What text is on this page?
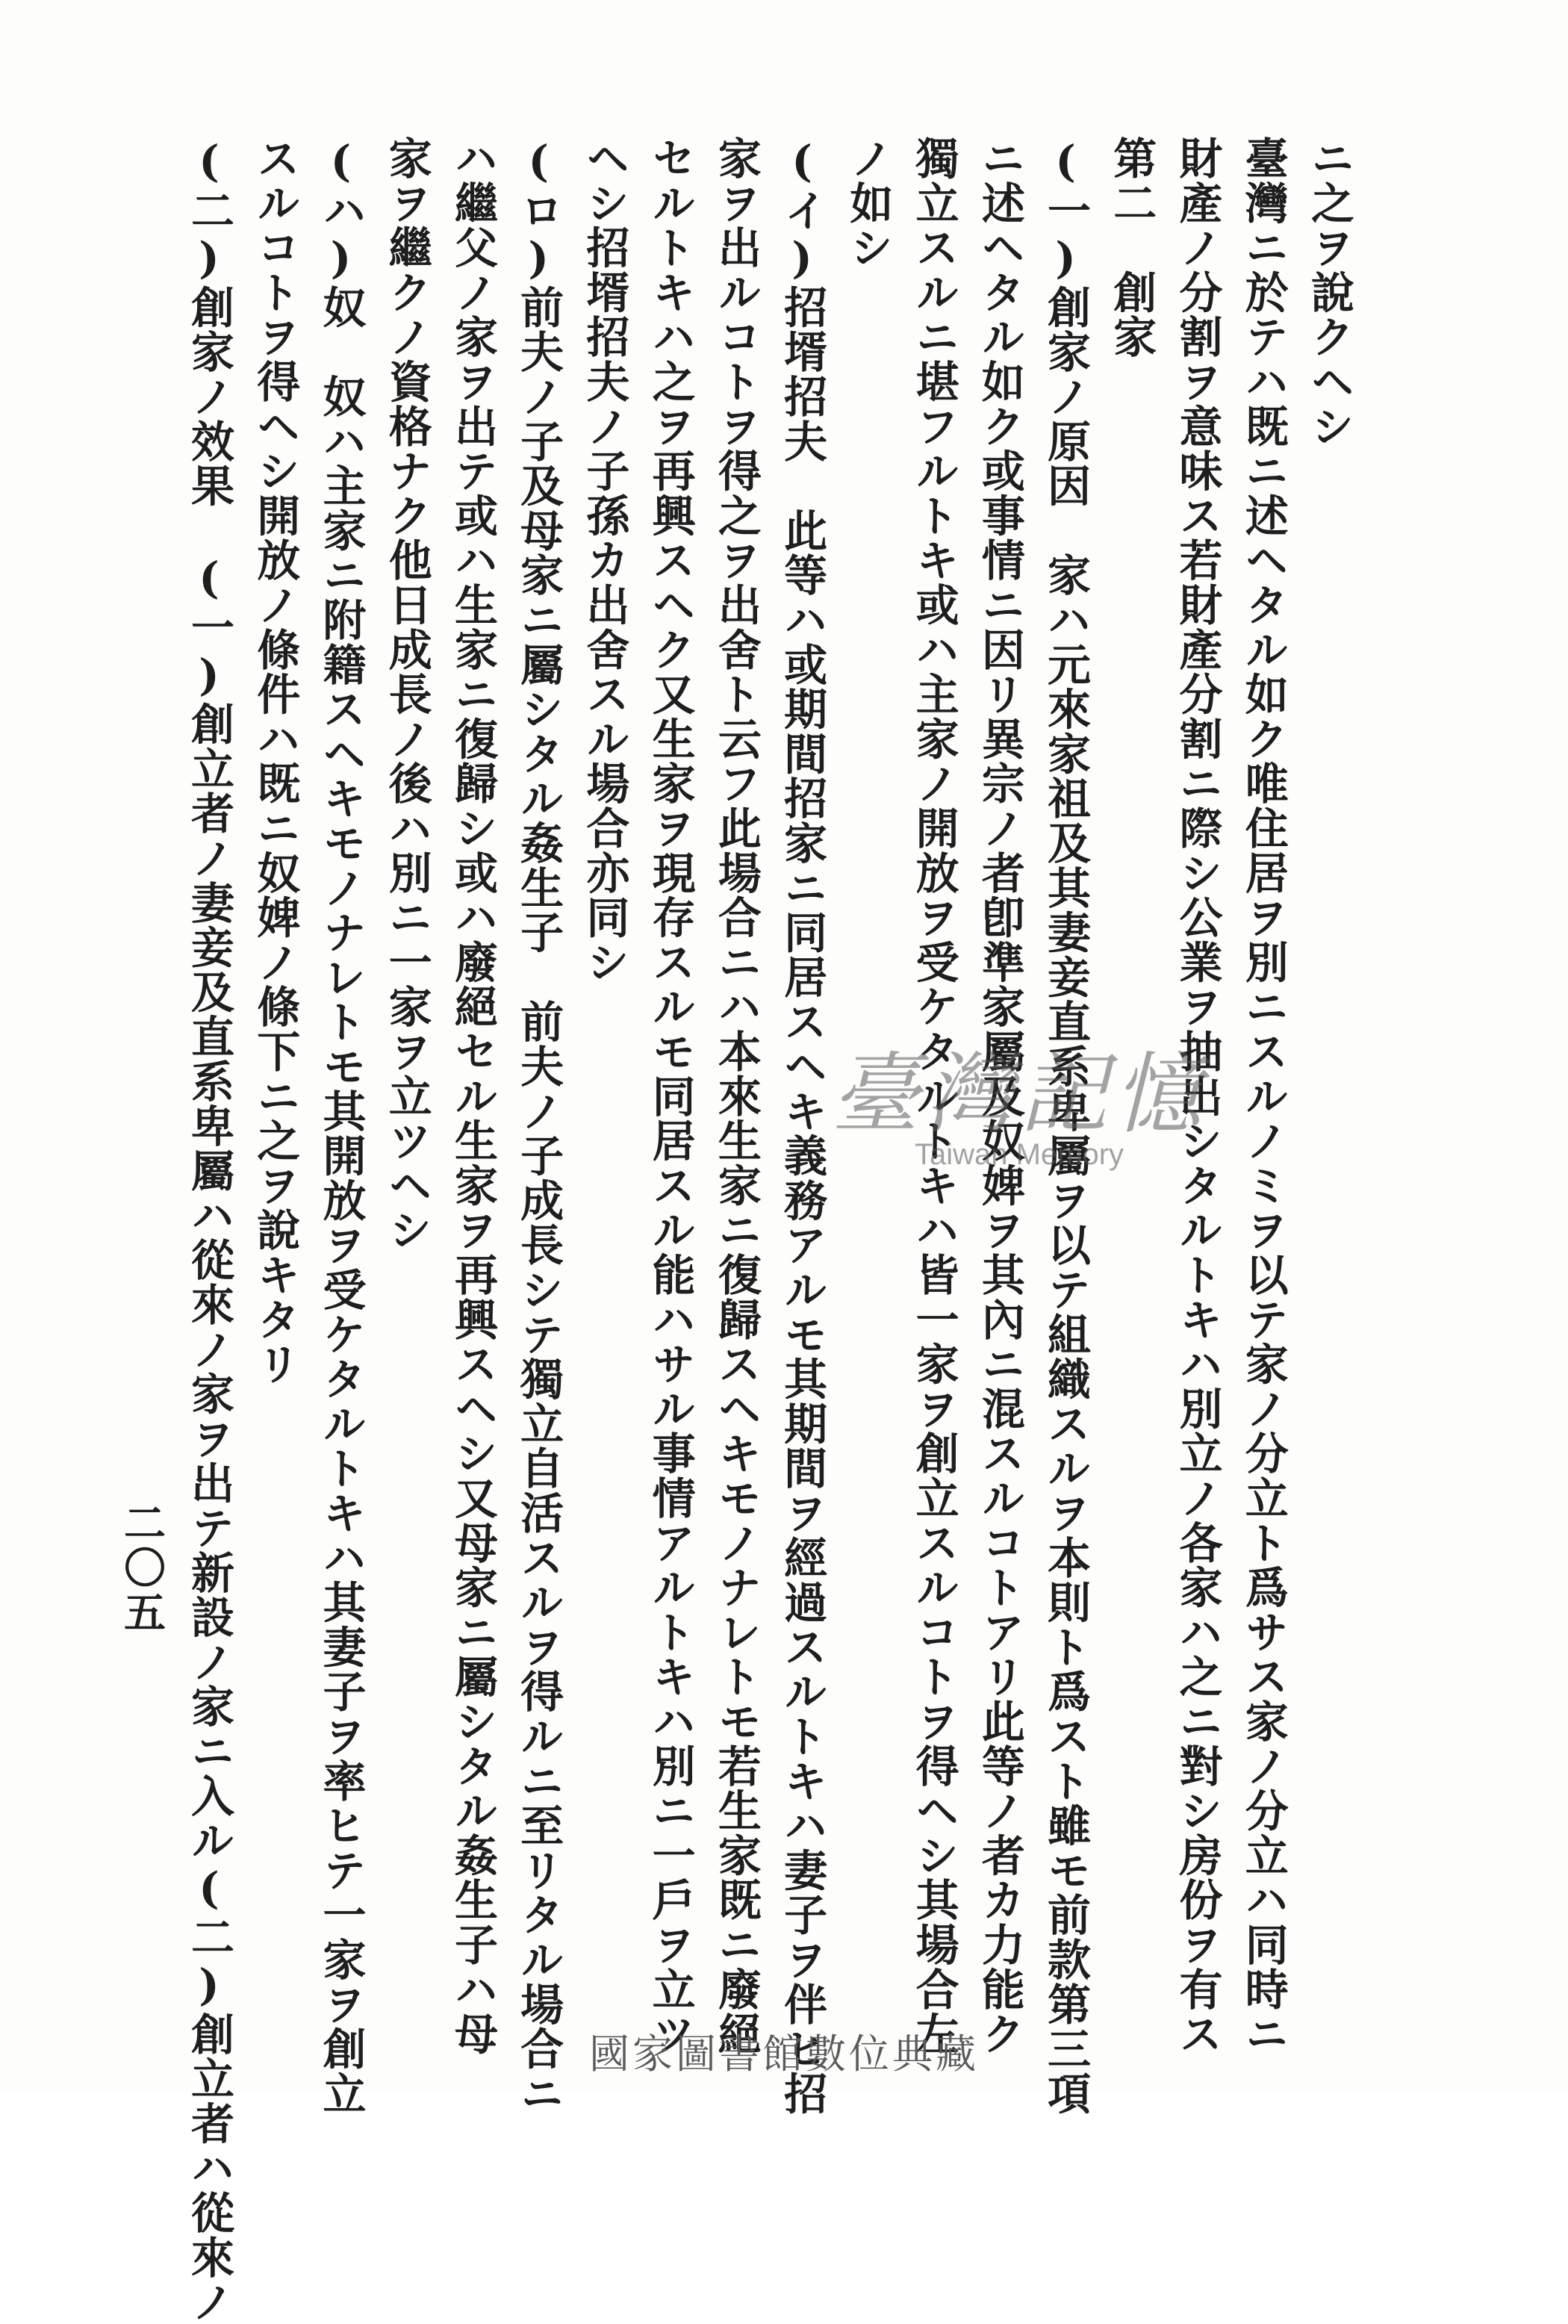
ニ之ヲ說クヘシ
臺灣ニ於テハ既ニ述ヘタル如ク唯住居ヲ別ニスルノミヲ以テ家ノ分立ト爲サス家ノ分立ハ同時ニ
財產ノ分割ヲ意味ス若財產分割ニ際シ公業ヲ抽出シタルトキハ別立ノ各家ハ之ニ對シ房份ヲ有ス
第二　創家
(一)創家ノ原因　家ハ元來家祖及其妻妾直系卑屬ヲ以テ組織スルヲ本則ト爲スト雖モ前款第三項
ニ述ヘタル如ク或事情ニ因リ異宗ノ者卽準家屬及奴婢ヲ其內ニ混スルコトアリ此等ノ者カ力能ク
獨立スルニ堪フルトキ或ハ主家ノ開放ヲ受ケタルトキハ皆一家ヲ創立スルコトヲ得ヘシ其場合左
ノ如シ
(イ)招壻招夫　此等ハ或期間招家ニ同居スヘキ義務アルモ其期間ヲ經過スルトキハ妻子ヲ伴ヒ招
家ヲ出ルコトヲ得之ヲ出舍ト云フ此場合ニハ本來生家ニ復歸スヘキモノナレトモ若生家既ニ廢絕
セルトキハ之ヲ再興スヘク又生家ヲ現存スルモ同居スル能ハサル事情アルトキハ別ニ一戶ヲ立ツ
ヘシ招壻招夫ノ子孫カ出舍スル場合亦同シ
(ロ)前夫ノ子及母家ニ屬シタル姦生子　前夫ノ子成長シテ獨立自活スルヲ得ルニ至リタル場合ニ
ハ繼父ノ家ヲ出テ或ハ生家ニ復歸シ或ハ廢絕セル生家ヲ再興スヘシ又母家ニ屬シタル姦生子ハ母
家ヲ繼クノ資格ナク他日成長ノ後ハ別ニ一家ヲ立ツヘシ
(ハ)奴　奴ハ主家ニ附籍スヘキモノナレトモ其開放ヲ受ケタルトキハ其妻子ヲ率ヒテ一家ヲ創立
スルコトヲ得ヘシ開放ノ條件ハ既ニ奴婢ノ條下ニ之ヲ說キタリ
(二)創家ノ效果　(一)創立者ノ妻妾及直系卑屬ハ從來ノ家ヲ出テ新設ノ家ニ入ル(二)創立者ハ從來ノ
二〇五
臺灣記憶
Taiwan Memory
國家圖書館數位典藏
